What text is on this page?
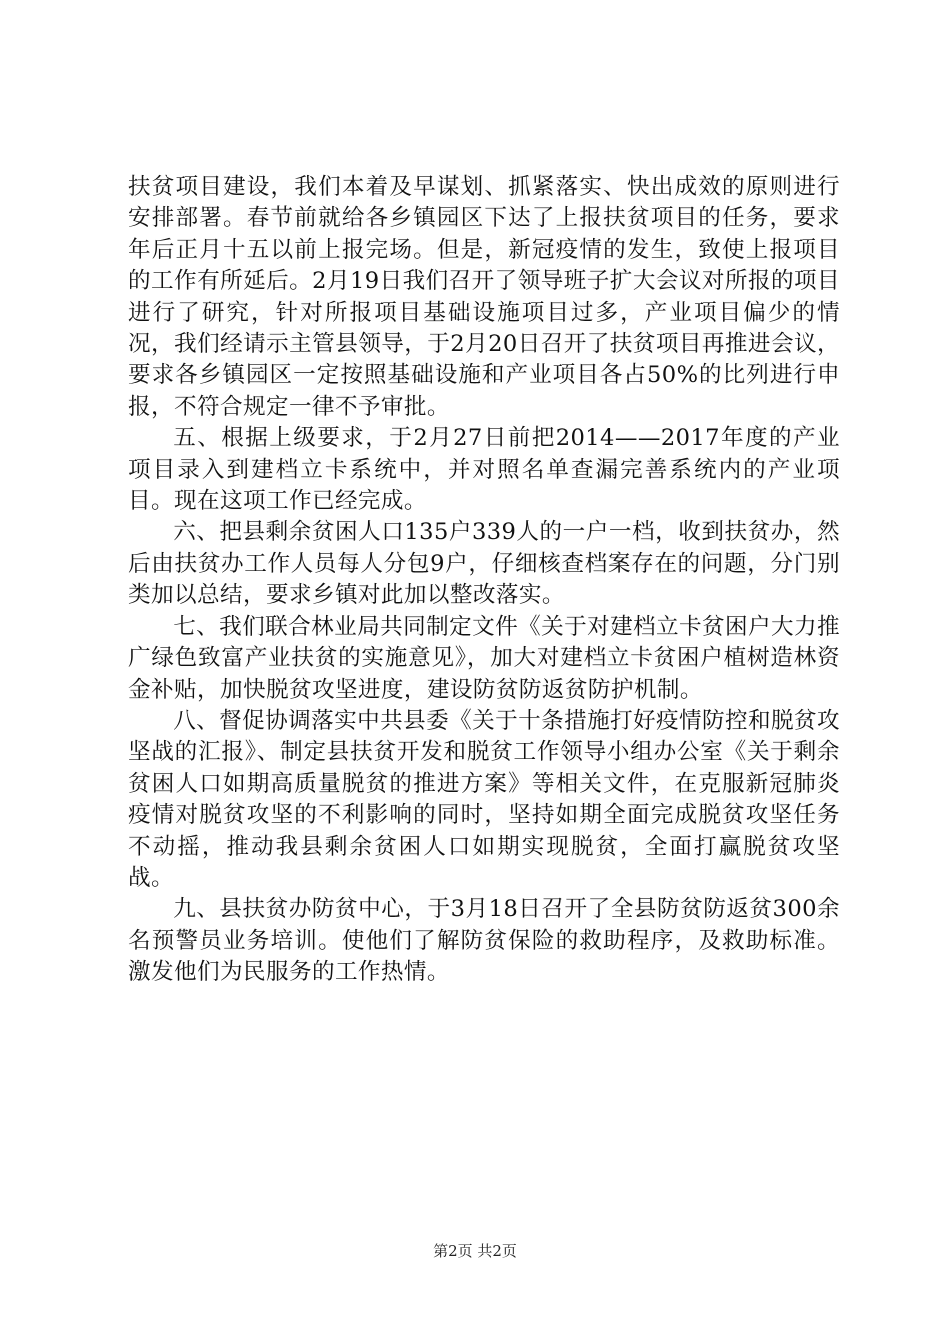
扶贫项目建设，我们本着及早谋划、抓紧落实、快出成效的原则进行安排部署。春节前就给各乡镇园区下达了上报扶贫项目的任务，要求年后正月十五以前上报完场。但是，新冠疫情的发生，致使上报项目的工作有所延后。2月19日我们召开了领导班子扩大会议对所报的项目进行了研究，针对所报项目基础设施项目过多，产业项目偏少的情况，我们经请示主管县领导，于2月20日召开了扶贫项目再推进会议，要求各乡镇园区一定按照基础设施和产业项目各占50%的比列进行申报，不符合规定一律不予审批。

五、根据上级要求，于2月27日前把2014——2017年度的产业项目录入到建档立卡系统中，并对照名单查漏完善系统内的产业项目。现在这项工作已经完成。

六、把县剩余贫困人口135户339人的一户一档，收到扶贫办，然后由扶贫办工作人员每人分包9户，仔细核查档案存在的问题，分门别类加以总结，要求乡镇对此加以整改落实。

七、我们联合林业局共同制定文件《关于对建档立卡贫困户大力推广绿色致富产业扶贫的实施意见》，加大对建档立卡贫困户植树造林资金补贴，加快脱贫攻坚进度，建设防贫防返贫防护机制。

八、督促协调落实中共县委《关于十条措施打好疫情防控和脱贫攻坚战的汇报》、制定县扶贫开发和脱贫工作领导小组办公室《关于剩余贫困人口如期高质量脱贫的推进方案》等相关文件，在克服新冠肺炎疫情对脱贫攻坚的不利影响的同时，坚持如期全面完成脱贫攻坚任务不动摇，推动我县剩余贫困人口如期实现脱贫，全面打赢脱贫攻坚战。

九、县扶贫办防贫中心，于3月18日召开了全县防贫防返贫300余名预警员业务培训。使他们了解防贫保险的救助程序，及救助标准。激发他们为民服务的工作热情。

第2页 共2页
